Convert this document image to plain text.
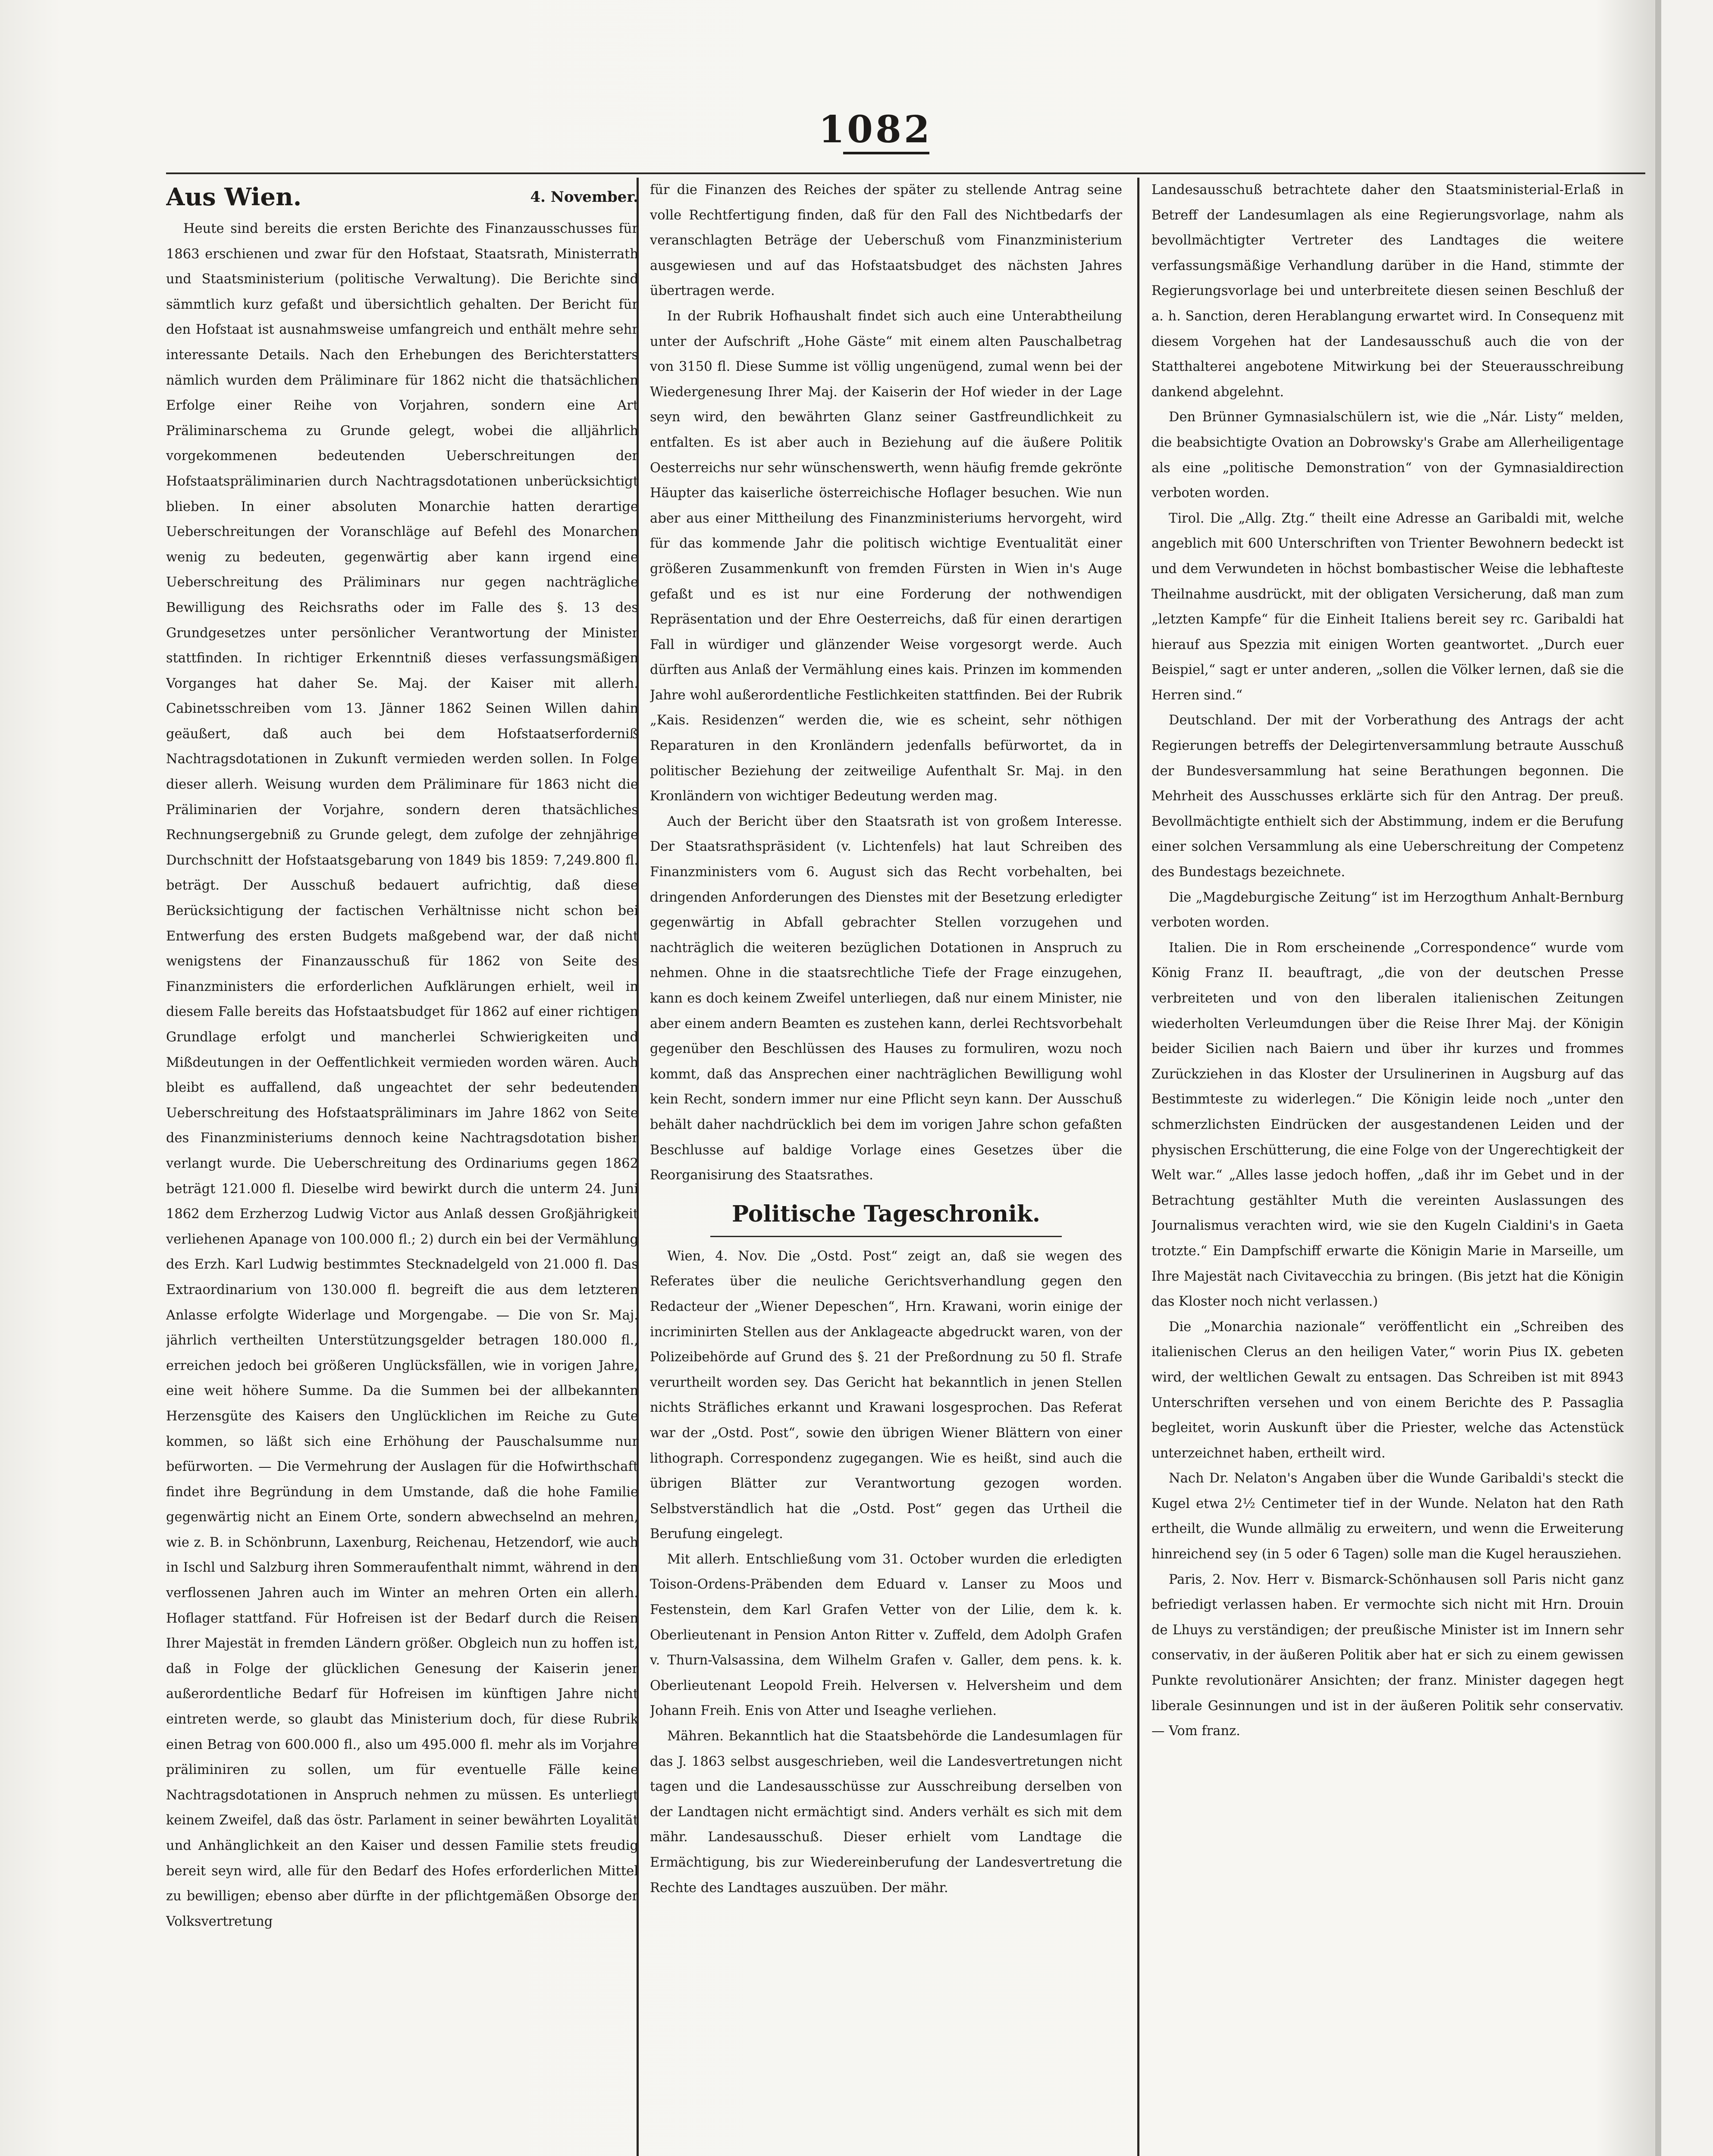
1082
Aus Wien.	4. November.

Heute sind bereits die ersten Berichte des Finanzausschusses für 1863 erschienen und zwar für den Hofstaat, Staatsrath, Ministerrath und Staatsministerium (politische Verwaltung). Die Berichte sind sämmtlich kurz gefaßt und übersichtlich gehalten. Der Bericht für den Hofstaat ist ausnahmsweise umfangreich und enthält mehre sehr interessante Details. Nach den Erhebungen des Berichterstatters nämlich wurden dem Präliminare für 1862 nicht die thatsächlichen Erfolge einer Reihe von Vorjahren, sondern eine Art Präliminarschema zu Grunde gelegt, wobei die alljährlich vorgekommenen bedeutenden Ueberschreitungen der Hofstaatspräliminarien durch Nachtragsdotationen unberücksichtigt blieben. In einer absoluten Monarchie hatten derartige Ueberschreitungen der Voranschläge auf Befehl des Monarchen wenig zu bedeuten, gegenwärtig aber kann irgend eine Ueberschreitung des Präliminars nur gegen nachträgliche Bewilligung des Reichsraths oder im Falle des §. 13 des Grundgesetzes unter persönlicher Verantwortung der Minister stattfinden. In richtiger Erkenntniß dieses verfassungsmäßigen Vorganges hat daher Se. Maj. der Kaiser mit allerh. Cabinetsschreiben vom 13. Jänner 1862 Seinen Willen dahin geäußert, daß auch bei dem Hofstaatserforderniß Nachtragsdotationen in Zukunft vermieden werden sollen. In Folge dieser allerh. Weisung wurden dem Präliminare für 1863 nicht die Präliminarien der Vorjahre, sondern deren thatsächliches Rechnungsergebniß zu Grunde gelegt, dem zufolge der zehnjährige Durchschnitt der Hofstaatsgebarung von 1849 bis 1859: 7,249.800 fl. beträgt. Der Ausschuß bedauert aufrichtig, daß diese Berücksichtigung der factischen Verhältnisse nicht schon bei Entwerfung des ersten Budgets maßgebend war, der daß nicht wenigstens der Finanzausschuß für 1862 von Seite des Finanzministers die erforderlichen Aufklärungen erhielt, weil in diesem Falle bereits das Hofstaatsbudget für 1862 auf einer richtigen Grundlage erfolgt und mancherlei Schwierigkeiten und Mißdeutungen in der Oeffentlichkeit vermieden worden wären. Auch bleibt es auffallend, daß ungeachtet der sehr bedeutenden Ueberschreitung des Hofstaatspräliminars im Jahre 1862 von Seite des Finanzministeriums dennoch keine Nachtragsdotation bisher verlangt wurde. Die Ueberschreitung des Ordinariums gegen 1862 beträgt 121.000 fl. Dieselbe wird bewirkt durch die unterm 24. Juni 1862 dem Erzherzog Ludwig Victor aus Anlaß dessen Großjährigkeit verliehenen Apanage von 100.000 fl.; 2) durch ein bei der Vermählung des Erzh. Karl Ludwig bestimmtes Stecknadelgeld von 21.000 fl. Das Extraordinarium von 130.000 fl. begreift die aus dem letzteren Anlasse erfolgte Widerlage und Morgengabe. — Die von Sr. Maj. jährlich vertheilten Unterstützungsgelder betragen 180.000 fl., erreichen jedoch bei größeren Unglücksfällen, wie in vorigen Jahre, eine weit höhere Summe. Da die Summen bei der allbekannten Herzensgüte des Kaisers den Unglücklichen im Reiche zu Gute kommen, so läßt sich eine Erhöhung der Pauschalsumme nur befürworten. — Die Vermehrung der Auslagen für die Hofwirthschaft findet ihre Begründung in dem Umstande, daß die hohe Familie gegenwärtig nicht an Einem Orte, sondern abwechselnd an mehren, wie z. B. in Schönbrunn, Laxenburg, Reichenau, Hetzendorf, wie auch in Ischl und Salzburg ihren Sommeraufenthalt nimmt, während in den verflossenen Jahren auch im Winter an mehren Orten ein allerh. Hoflager stattfand. Für Hofreisen ist der Bedarf durch die Reisen Ihrer Majestät in fremden Ländern größer. Obgleich nun zu hoffen ist, daß in Folge der glücklichen Genesung der Kaiserin jener außerordentliche Bedarf für Hofreisen im künftigen Jahre nicht eintreten werde, so glaubt das Ministerium doch, für diese Rubrik einen Betrag von 600.000 fl., also um 495.000 fl. mehr als im Vorjahre präliminiren zu sollen, um für eventuelle Fälle keine Nachtragsdotationen in Anspruch nehmen zu müssen. Es unterliegt keinem Zweifel, daß das östr. Parlament in seiner bewährten Loyalität und Anhänglichkeit an den Kaiser und dessen Familie stets freudig bereit seyn wird, alle für den Bedarf des Hofes erforderlichen Mittel zu bewilligen; ebenso aber dürfte in der pflichtgemäßen Obsorge der Volksvertretung

für die Finanzen des Reiches der später zu stellende Antrag seine volle Rechtfertigung finden, daß für den Fall des Nichtbedarfs der veranschlagten Beträge der Ueberschuß vom Finanzministerium ausgewiesen und auf das Hofstaatsbudget des nächsten Jahres übertragen werde.

In der Rubrik Hofhaushalt findet sich auch eine Unterabtheilung unter der Aufschrift „Hohe Gäste“ mit einem alten Pauschalbetrag von 3150 fl. Diese Summe ist völlig ungenügend, zumal wenn bei der Wiedergenesung Ihrer Maj. der Kaiserin der Hof wieder in der Lage seyn wird, den bewährten Glanz seiner Gastfreundlichkeit zu entfalten. Es ist aber auch in Beziehung auf die äußere Politik Oesterreichs nur sehr wünschenswerth, wenn häufig fremde gekrönte Häupter das kaiserliche österreichische Hoflager besuchen. Wie nun aber aus einer Mittheilung des Finanzministeriums hervorgeht, wird für das kommende Jahr die politisch wichtige Eventualität einer größeren Zusammenkunft von fremden Fürsten in Wien in's Auge gefaßt und es ist nur eine Forderung der nothwendigen Repräsentation und der Ehre Oesterreichs, daß für einen derartigen Fall in würdiger und glänzender Weise vorgesorgt werde. Auch dürften aus Anlaß der Vermählung eines kais. Prinzen im kommenden Jahre wohl außerordentliche Festlichkeiten stattfinden. Bei der Rubrik „Kais. Residenzen“ werden die, wie es scheint, sehr nöthigen Reparaturen in den Kronländern jedenfalls befürwortet, da in politischer Beziehung der zeitweilige Aufenthalt Sr. Maj. in den Kronländern von wichtiger Bedeutung werden mag.

Auch der Bericht über den Staatsrath ist von großem Interesse. Der Staatsrathspräsident (v. Lichtenfels) hat laut Schreiben des Finanzministers vom 6. August sich das Recht vorbehalten, bei dringenden Anforderungen des Dienstes mit der Besetzung erledigter gegenwärtig in Abfall gebrachter Stellen vorzugehen und nachträglich die weiteren bezüglichen Dotationen in Anspruch zu nehmen. Ohne in die staatsrechtliche Tiefe der Frage einzugehen, kann es doch keinem Zweifel unterliegen, daß nur einem Minister, nie aber einem andern Beamten es zustehen kann, derlei Rechtsvorbehalt gegenüber den Beschlüssen des Hauses zu formuliren, wozu noch kommt, daß das Ansprechen einer nachträglichen Bewilligung wohl kein Recht, sondern immer nur eine Pflicht seyn kann. Der Ausschuß behält daher nachdrücklich bei dem im vorigen Jahre schon gefaßten Beschlusse auf baldige Vorlage eines Gesetzes über die Reorganisirung des Staatsrathes.

Politische Tageschronik.

Wien, 4. Nov. Die „Ostd. Post“ zeigt an, daß sie wegen des Referates über die neuliche Gerichtsverhandlung gegen den Redacteur der „Wiener Depeschen“, Hrn. Krawani, worin einige der incriminirten Stellen aus der Anklageacte abgedruckt waren, von der Polizeibehörde auf Grund des §. 21 der Preßordnung zu 50 fl. Strafe verurtheilt worden sey. Das Gericht hat bekanntlich in jenen Stellen nichts Sträfliches erkannt und Krawani losgesprochen. Das Referat war der „Ostd. Post“, sowie den übrigen Wiener Blättern von einer lithograph. Correspondenz zugegangen. Wie es heißt, sind auch die übrigen Blätter zur Verantwortung gezogen worden. Selbstverständlich hat die „Ostd. Post“ gegen das Urtheil die Berufung eingelegt.

Mit allerh. Entschließung vom 31. October wurden die erledigten Toison-Ordens-Präbenden dem Eduard v. Lanser zu Moos und Festenstein, dem Karl Grafen Vetter von der Lilie, dem k. k. Oberlieutenant in Pension Anton Ritter v. Zuffeld, dem Adolph Grafen v. Thurn-Valsassina, dem Wilhelm Grafen v. Galler, dem pens. k. k. Oberlieutenant Leopold Freih. Helversen v. Helversheim und dem Johann Freih. Enis von Atter und Iseaghe verliehen.

Mähren. Bekanntlich hat die Staatsbehörde die Landesumlagen für das J. 1863 selbst ausgeschrieben, weil die Landesvertretungen nicht tagen und die Landesausschüsse zur Ausschreibung derselben von der Landtagen nicht ermächtigt sind. Anders verhält es sich mit dem mähr. Landesausschuß. Dieser erhielt vom Landtage die Ermächtigung, bis zur Wiedereinberufung der Landesvertretung die Rechte des Landtages auszuüben. Der mähr.

Landesausschuß betrachtete daher den Staatsministerial-Erlaß in Betreff der Landesumlagen als eine Regierungsvorlage, nahm als bevollmächtigter Vertreter des Landtages die weitere verfassungsmäßige Verhandlung darüber in die Hand, stimmte der Regierungsvorlage bei und unterbreitete diesen seinen Beschluß der a. h. Sanction, deren Herablangung erwartet wird. In Consequenz mit diesem Vorgehen hat der Landesausschuß auch die von der Statthalterei angebotene Mitwirkung bei der Steuerausschreibung dankend abgelehnt.

Den Brünner Gymnasialschülern ist, wie die „Nár. Listy“ melden, die beabsichtigte Ovation an Dobrowsky's Grabe am Allerheiligentage als eine „politische Demonstration“ von der Gymnasialdirection verboten worden.

Tirol. Die „Allg. Ztg.“ theilt eine Adresse an Garibaldi mit, welche angeblich mit 600 Unterschriften von Trienter Bewohnern bedeckt ist und dem Verwundeten in höchst bombastischer Weise die lebhafteste Theilnahme ausdrückt, mit der obligaten Versicherung, daß man zum „letzten Kampfe“ für die Einheit Italiens bereit sey rc. Garibaldi hat hierauf aus Spezzia mit einigen Worten geantwortet. „Durch euer Beispiel,“ sagt er unter anderen, „sollen die Völker lernen, daß sie die Herren sind.“

Deutschland. Der mit der Vorberathung des Antrags der acht Regierungen betreffs der Delegirtenversammlung betraute Ausschuß der Bundesversammlung hat seine Berathungen begonnen. Die Mehrheit des Ausschusses erklärte sich für den Antrag. Der preuß. Bevollmächtigte enthielt sich der Abstimmung, indem er die Berufung einer solchen Versammlung als eine Ueberschreitung der Competenz des Bundestags bezeichnete.

Die „Magdeburgische Zeitung“ ist im Herzogthum Anhalt-Bernburg verboten worden.

Italien. Die in Rom erscheinende „Correspondence“ wurde vom König Franz II. beauftragt, „die von der deutschen Presse verbreiteten und von den liberalen italienischen Zeitungen wiederholten Verleumdungen über die Reise Ihrer Maj. der Königin beider Sicilien nach Baiern und über ihr kurzes und frommes Zurückziehen in das Kloster der Ursulinerinen in Augsburg auf das Bestimmteste zu widerlegen.“ Die Königin leide noch „unter den schmerzlichsten Eindrücken der ausgestandenen Leiden und der physischen Erschütterung, die eine Folge von der Ungerechtigkeit der Welt war.“ „Alles lasse jedoch hoffen, „daß ihr im Gebet und in der Betrachtung gestählter Muth die vereinten Auslassungen des Journalismus verachten wird, wie sie den Kugeln Cialdini's in Gaeta trotzte.“ Ein Dampfschiff erwarte die Königin Marie in Marseille, um Ihre Majestät nach Civitavecchia zu bringen. (Bis jetzt hat die Königin das Kloster noch nicht verlassen.)

Die „Monarchia nazionale“ veröffentlicht ein „Schreiben des italienischen Clerus an den heiligen Vater,“ worin Pius IX. gebeten wird, der weltlichen Gewalt zu entsagen. Das Schreiben ist mit 8943 Unterschriften versehen und von einem Berichte des P. Passaglia begleitet, worin Auskunft über die Priester, welche das Actenstück unterzeichnet haben, ertheilt wird.

Nach Dr. Nelaton's Angaben über die Wunde Garibaldi's steckt die Kugel etwa 2½ Centimeter tief in der Wunde. Nelaton hat den Rath ertheilt, die Wunde allmälig zu erweitern, und wenn die Erweiterung hinreichend sey (in 5 oder 6 Tagen) solle man die Kugel herausziehen.

Paris, 2. Nov. Herr v. Bismarck-Schönhausen soll Paris nicht ganz befriedigt verlassen haben. Er vermochte sich nicht mit Hrn. Drouin de Lhuys zu verständigen; der preußische Minister ist im Innern sehr conservativ, in der äußeren Politik aber hat er sich zu einem gewissen Punkte revolutionärer Ansichten; der franz. Minister dagegen hegt liberale Gesinnungen und ist in der äußeren Politik sehr conservativ. — Vom franz.
